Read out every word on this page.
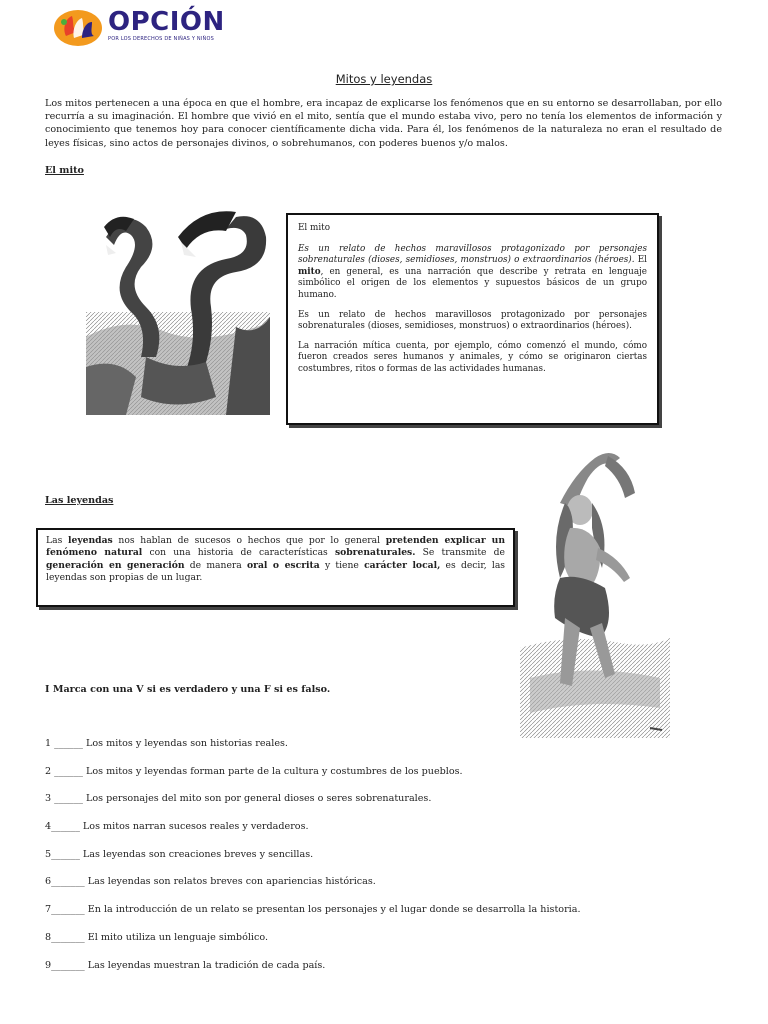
OPCIÓN
POR LOS DERECHOS DE NIÑAS Y NIÑOS
Mitos y leyendas
Los mitos pertenecen a una época en que el hombre, era incapaz de explicarse los fenómenos que en su entorno se desarrollaban, por ello recurría a su imaginación. El hombre que vivió en el mito, sentía que el mundo estaba vivo, pero no tenía los elementos de información y conocimiento que tenemos hoy para conocer científicamente dicha vida. Para él, los fenómenos de la naturaleza no eran el resultado de leyes físicas, sino actos de personajes divinos, o sobrehumanos, con poderes buenos y/o malos.
El mito

El mito

Es un relato de hechos maravillosos protagonizado por personajes sobrenaturales (dioses, semidioses, monstruos) o extraordinarios (héroes). El mito, en general, es una narración que describe y retrata en lenguaje simbólico el origen de los elementos y supuestos básicos de un grupo humano.

Es un relato de hechos maravillosos protagonizado por personajes sobrenaturales (dioses, semidioses, monstruos) o extraordinarios (héroes).

La narración mítica cuenta, por ejemplo, cómo comenzó el mundo, cómo fueron creados seres humanos y animales, y cómo se originaron ciertas costumbres, ritos o formas de las actividades humanas.

Las leyendas
Las leyendas nos hablan de sucesos o hechos que por lo general pretenden explicar un fenómeno natural con una historia de características sobrenaturales. Se transmite de generación en generación de manera oral o escrita y tiene carácter local, es decir, las leyendas son propias de un lugar.
I Marca con una V si es verdadero y una F si es falso.
1 ______ Los mitos y leyendas son historias reales.
2 ______ Los mitos y leyendas forman parte de la cultura y costumbres de los pueblos.
3 ______ Los personajes del mito son por general dioses o seres sobrenaturales.
4______ Los mitos narran sucesos reales y verdaderos.
5______ Las leyendas son creaciones breves y sencillas.
6_______ Las leyendas son relatos breves con apariencias históricas.
7_______ En la introducción de un relato se presentan los personajes y el lugar donde se desarrolla la historia.
8_______ El mito utiliza un lenguaje simbólico.
9_______ Las leyendas muestran la tradición de cada país.
